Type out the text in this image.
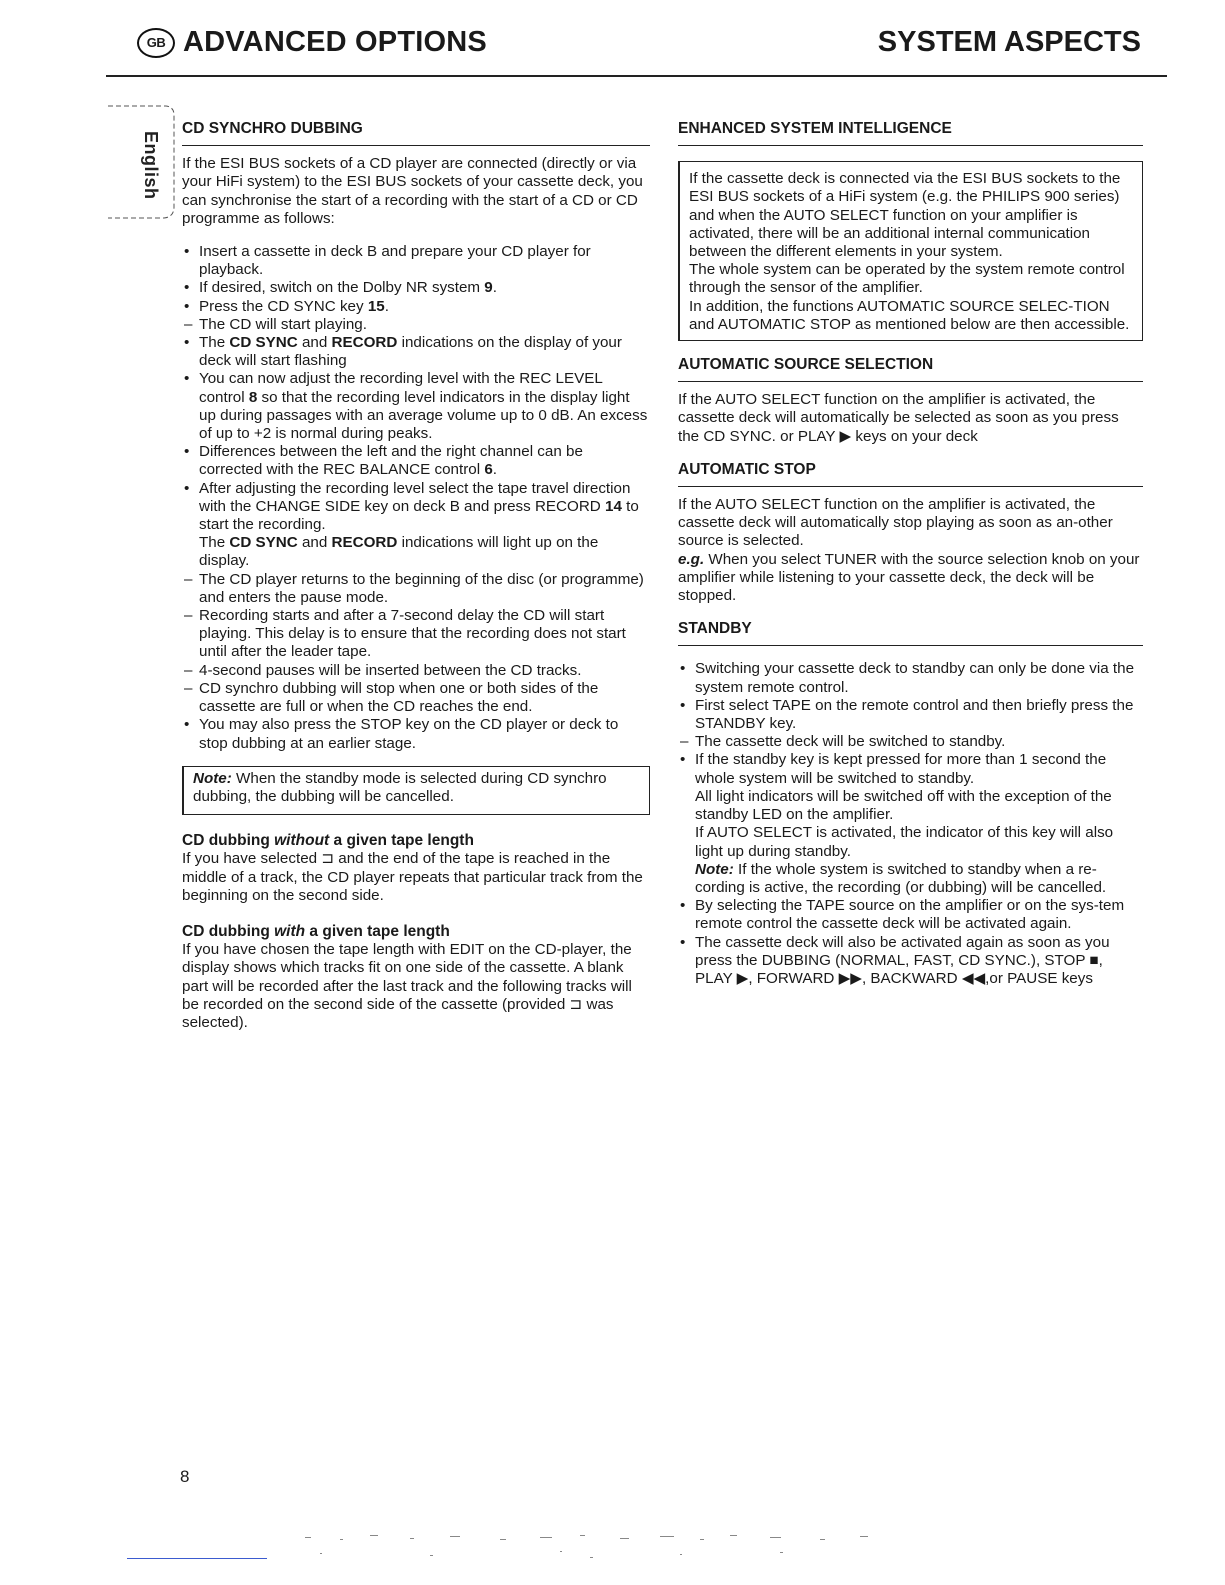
GB ADVANCED OPTIONS	SYSTEM ASPECTS
English
CD SYNCHRO DUBBING

If the ESI BUS sockets of a CD player are connected (directly or via your HiFi system) to the ESI BUS sockets of your cassette deck, you can synchronise the start of a recording with the start of a CD or CD programme as follows:

• Insert a cassette in deck B and prepare your CD player for playback.
• If desired, switch on the Dolby NR system 9.
• Press the CD SYNC key 15.
– The CD will start playing.
• The CD SYNC and RECORD indications on the display of your deck will start flashing
• You can now adjust the recording level with the REC LEVEL control 8 so that the recording level indicators in the display light up during passages with an average volume up to 0 dB. An excess of up to +2 is normal during peaks.
• Differences between the left and the right channel can be corrected with the REC BALANCE control 6.
• After adjusting the recording level select the tape travel direction with the CHANGE SIDE key on deck B and press RECORD 14 to start the recording.
The CD SYNC and RECORD indications will light up on the display.
– The CD player returns to the beginning of the disc (or programme) and enters the pause mode.
– Recording starts and after a 7-second delay the CD will start playing. This delay is to ensure that the recording does not start until after the leader tape.
– 4-second pauses will be inserted between the CD tracks.
– CD synchro dubbing will stop when one or both sides of the cassette are full or when the CD reaches the end.
• You may also press the STOP key on the CD player or deck to stop dubbing at an earlier stage.
Note: When the standby mode is selected during CD synchro dubbing, the dubbing will be cancelled.
CD dubbing without a given tape length

If you have selected ⊐ and the end of the tape is reached in the middle of a track, the CD player repeats that particular track from the beginning on the second side.

CD dubbing with a given tape length

If you have chosen the tape length with EDIT on the CD-player, the display shows which tracks fit on one side of the cassette. A blank part will be recorded after the last track and the following tracks will be recorded on the second side of the cassette (provided ⊐ was selected).

ENHANCED SYSTEM INTELLIGENCE

If the cassette deck is connected via the ESI BUS sockets to the ESI BUS sockets of a HiFi system (e.g. the PHILIPS 900 series) and when the AUTO SELECT function on your amplifier is activated, there will be an additional internal communication between the different elements in your system.

The whole system can be operated by the system remote control through the sensor of the amplifier.

In addition, the functions AUTOMATIC SOURCE SELEC-TION and AUTOMATIC STOP as mentioned below are then accessible.

AUTOMATIC SOURCE SELECTION

If the AUTO SELECT function on the amplifier is activated, the cassette deck will automatically be selected as soon as you press the CD SYNC. or PLAY ▶ keys on your deck

AUTOMATIC STOP

If the AUTO SELECT function on the amplifier is activated, the cassette deck will automatically stop playing as soon as an-other source is selected.

e.g. When you select TUNER with the source selection knob on your amplifier while listening to your cassette deck, the deck will be stopped.

STANDBY
• Switching your cassette deck to standby can only be done via the system remote control.
• First select TAPE on the remote control and then briefly press the STANDBY key.
– The cassette deck will be switched to standby.
• If the standby key is kept pressed for more than 1 second the whole system will be switched to standby.
All light indicators will be switched off with the exception of the standby LED on the amplifier.
If AUTO SELECT is activated, the indicator of this key will also light up during standby.
Note: If the whole system is switched to standby when a re-cording is active, the recording (or dubbing) will be cancelled.
• By selecting the TAPE source on the amplifier or on the sys-tem remote control the cassette deck will be activated again.
• The cassette deck will also be activated again as soon as you press the DUBBING (NORMAL, FAST, CD SYNC.), STOP ■, PLAY ▶, FORWARD ▶▶, BACKWARD ◀◀,or PAUSE keys
8
